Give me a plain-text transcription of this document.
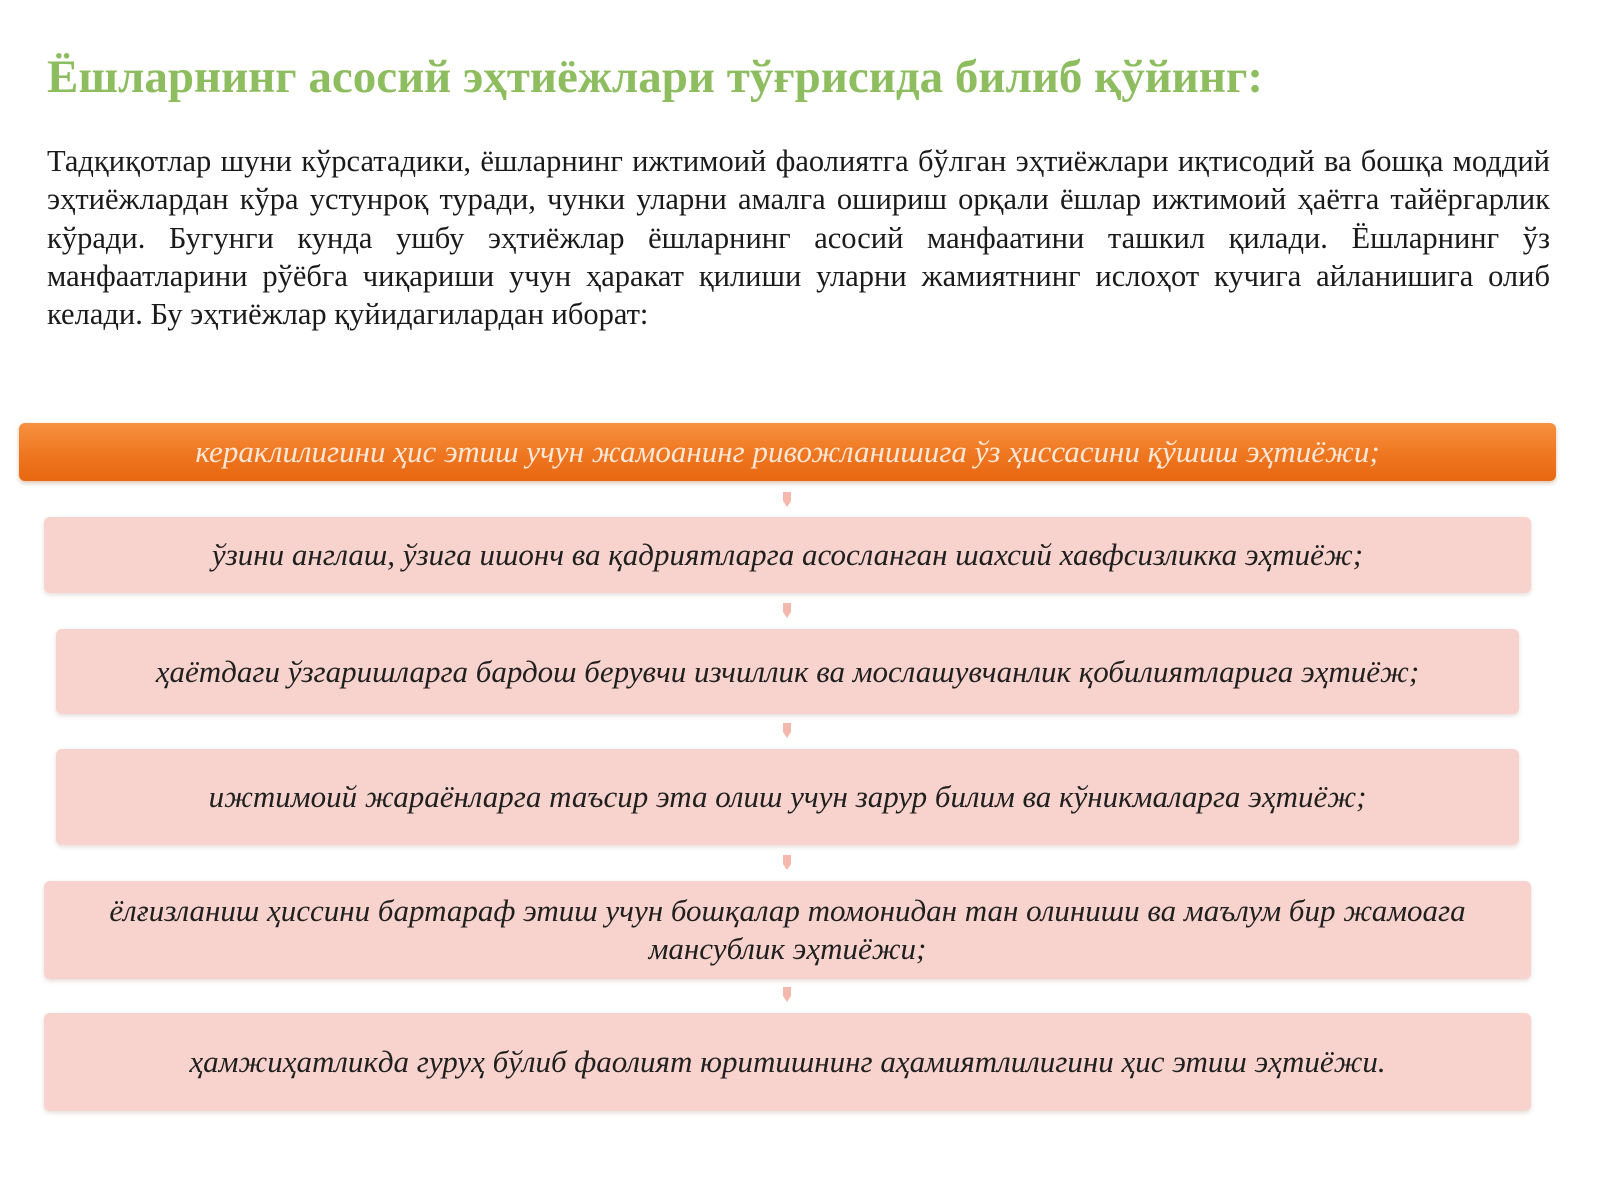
Ёшларнинг асосий эҳтиёжлари тўғрисида билиб қўйинг:

Тадқиқотлар шуни кўрсатадики, ёшларнинг ижтимоий фаолиятга бўлган эҳтиёжлари иқтисодий ва бошқа моддий эҳтиёжлардан кўра устунроқ туради, чунки уларни амалга ошириш орқали ёшлар ижтимоий ҳаётга тайёргарлик кўради. Бугунги кунда ушбу эҳтиёжлар ёшларнинг асосий манфаатини ташкил қилади. Ёшларнинг ўз манфаатларини рўёбга чиқариши учун ҳаракат қилиши уларни жамиятнинг ислоҳот кучига айланишига олиб келади. Бу эҳтиёжлар қуйидагилардан иборат:

кераклилигини ҳис этиш учун жамоанинг ривожланишига ўз ҳиссасини қўшиш эҳтиёжи;
ўзини англаш, ўзига ишонч ва қадриятларга асосланган шахсий хавфсизликка эҳтиёж;
ҳаётдаги ўзгаришларга бардош берувчи изчиллик ва мослашувчанлик қобилиятларига эҳтиёж;
ижтимоий жараёнларга таъсир эта олиш учун зарур билим ва кўникмаларга эҳтиёж;
ёлғизланиш ҳиссини бартараф этиш учун бошқалар томонидан тан олиниши ва маълум бир жамоага мансублик эҳтиёжи;
ҳамжиҳатликда гуруҳ бўлиб фаолият юритишнинг аҳамиятлилигини ҳис этиш эҳтиёжи.
